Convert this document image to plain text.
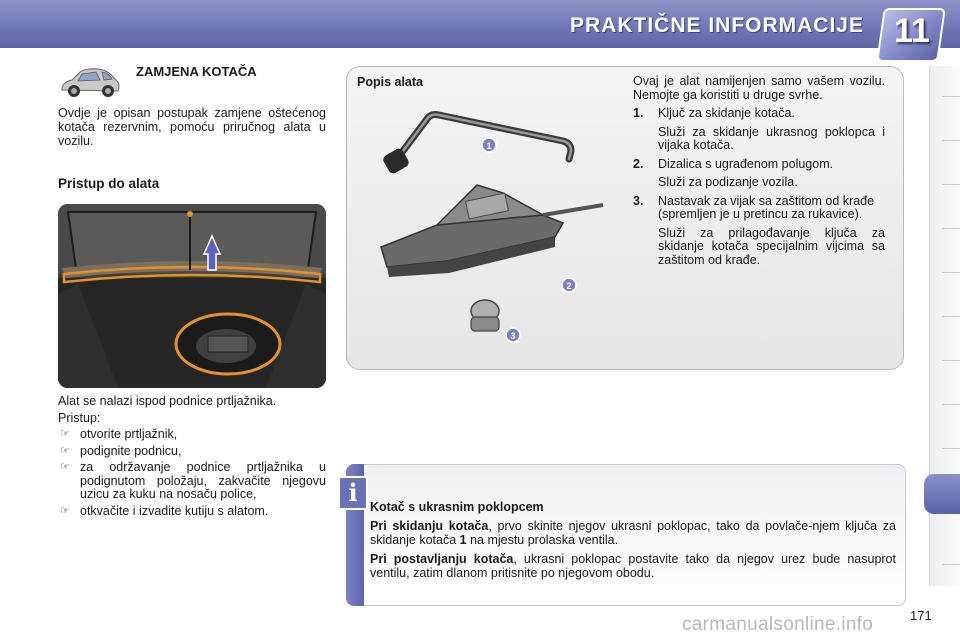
PRAKTIČNE INFORMACIJE 11
ZAMJENA KOTAČA
Ovdje je opisan postupak zamjene oštećenog kotača rezervnim, pomoću priručnog alata u vozilu.
Pristup do alata
Alat se nalazi ispod podnice prtljažnika.
Pristup:
☞ otvorite prtljažnik,
☞ podignite podnicu,
☞ za održavanje podnice prtljažnika u podignutom položaju, zakvačite njegovu uzicu za kuku na nosaču police,
☞ otkvačite i izvadite kutiju s alatom.
Popis alata
1
2
3

Ovaj je alat namijenjen samo vašem vozilu. Nemojte ga koristiti u druge svrhe.

1. Ključ za skidanje kotača.
Služi za skidanje ukrasnog poklopca i vijaka kotača.
2. Dizalica s ugrađenom polugom.
Služi za podizanje vozila.
3. Nastavak za vijak sa zaštitom od krađe (spremljen je u pretincu za rukavice).
Služi za prilagođavanje ključa za skidanje kotača specijalnim vijcima sa zaštitom od krađe.
i Kotač s ukrasnim poklopcem

Pri skidanju kotača, prvo skinite njegov ukrasni poklopac, tako da povlače-njem ključa za skidanje kotača 1 na mjestu prolaska ventila.

Pri postavljanju kotača, ukrasni poklopac postavite tako da njegov urez bude nasuprot ventilu, zatim dlanom pritisnite po njegovom obodu.

carmanualsonline.info	171
